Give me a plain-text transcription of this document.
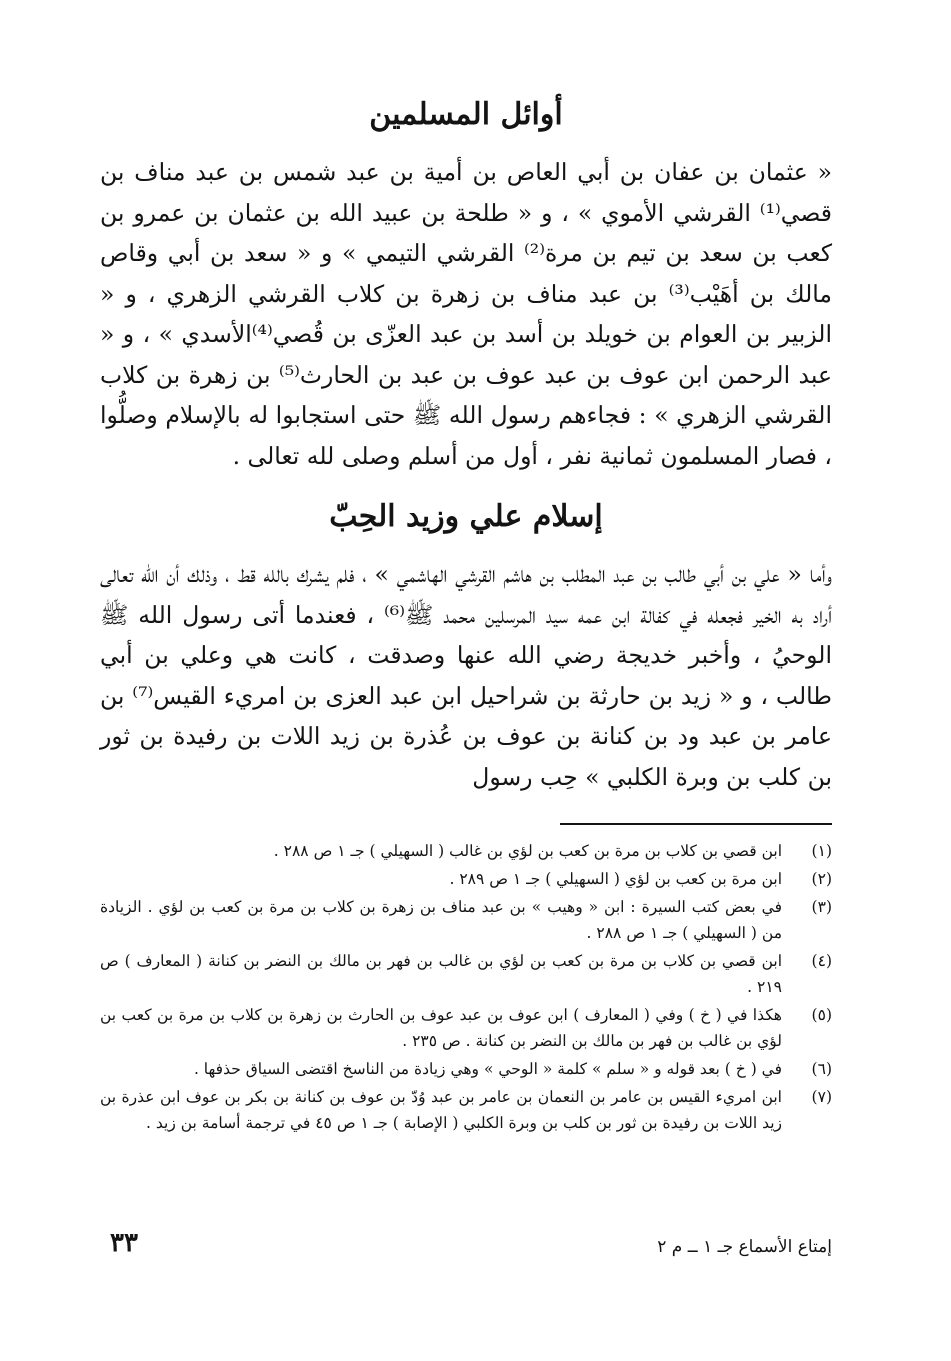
أوائل المسلمين

« عثمان بن عفان بن أبي العاص بن أمية بن عبد شمس بن عبد مناف بن قصي⁽¹⁾ القرشي الأموي » ، و « طلحة بن عبيد الله بن عثمان بن عمرو بن كعب بن سعد بن تيم بن مرة⁽²⁾ القرشي التيمي » و « سعد بن أبي وقاص مالك بن أهَيْب⁽³⁾ بن عبد مناف بن زهرة بن كلاب القرشي الزهري ، و « الزبير بن العوام بن خويلد بن أسد بن عبد العزّى بن قُصي⁽⁴⁾الأسدي » ، و « عبد الرحمن ابن عوف بن عبد عوف بن عبد بن الحارث⁽⁵⁾ بن زهرة بن كلاب القرشي الزهري » : فجاءهم رسول الله ﷺ حتى استجابوا له بالإسلام وصلُّوا ، فصار المسلمون ثمانية نفر ، أول من أسلم وصلى لله تعالى .

إسلام علي وزيد الحِبّ

وأما « علي بن أبي طالب بن عبد المطلب بن هاشم القرشي الهاشمي » ، فلم يشرك بالله قط ، وذلك أن الله تعالى أراد به الخير فجعله في كفالة ابن عمه سيد المرسلين محمد ﷺ⁽⁶⁾ ، فعندما أتى رسول الله ﷺ الوحيُ ، وأخبر خديجة رضي الله عنها وصدقت ، كانت هي وعلي بن أبي طالب ، و « زيد بن حارثة بن شراحيل ابن عبد العزى بن امريء القيس⁽⁷⁾ بن عامر بن عبد ود بن كنانة بن عوف بن عُذرة بن زيد اللات بن رفيدة بن ثور بن كلب بن وبرة الكلبي » حِب رسول

(١)
ابن قصي بن كلاب بن مرة بن كعب بن لؤي بن غالب ( السهيلي ) جـ ١ ص ٢٨٨ .
(٢)
ابن مرة بن كعب بن لؤي ( السهيلي ) جـ ١ ص ٢٨٩ .
(٣)
في بعض كتب السيرة : ابن « وهيب » بن عبد مناف بن زهرة بن كلاب بن مرة بن كعب بن لؤي . الزيادة من ( السهيلي ) جـ ١ ص ٢٨٨ .
(٤)
ابن قصي بن كلاب بن مرة بن كعب بن لؤي بن غالب بن فهر بن مالك بن النضر بن كنانة ( المعارف ) ص ٢١٩ .
(٥)
هكذا في ( خ ) وفي ( المعارف ) ابن عوف بن عبد عوف بن الحارث بن زهرة بن كلاب بن مرة بن كعب بن لؤي بن غالب بن فهر بن مالك بن النضر بن كنانة . ص ٢٣٥ .
(٦)
في ( خ ) بعد قوله و « سلم » كلمة « الوحي » وهي زيادة من الناسخ اقتضى السياق حذفها .
(٧)
ابن امريء القيس بن عامر بن النعمان بن عامر بن عبد وُدّ بن عوف بن كنانة بن بكر بن عوف ابن عذرة بن زيد اللات بن رفيدة بن ثور بن كلب بن وبرة الكلبي ( الإصابة ) جـ ١ ص ٤٥ في ترجمة أسامة بن زيد .
إمتاع الأسماع جـ ١ ــ م ٢
٣٣
